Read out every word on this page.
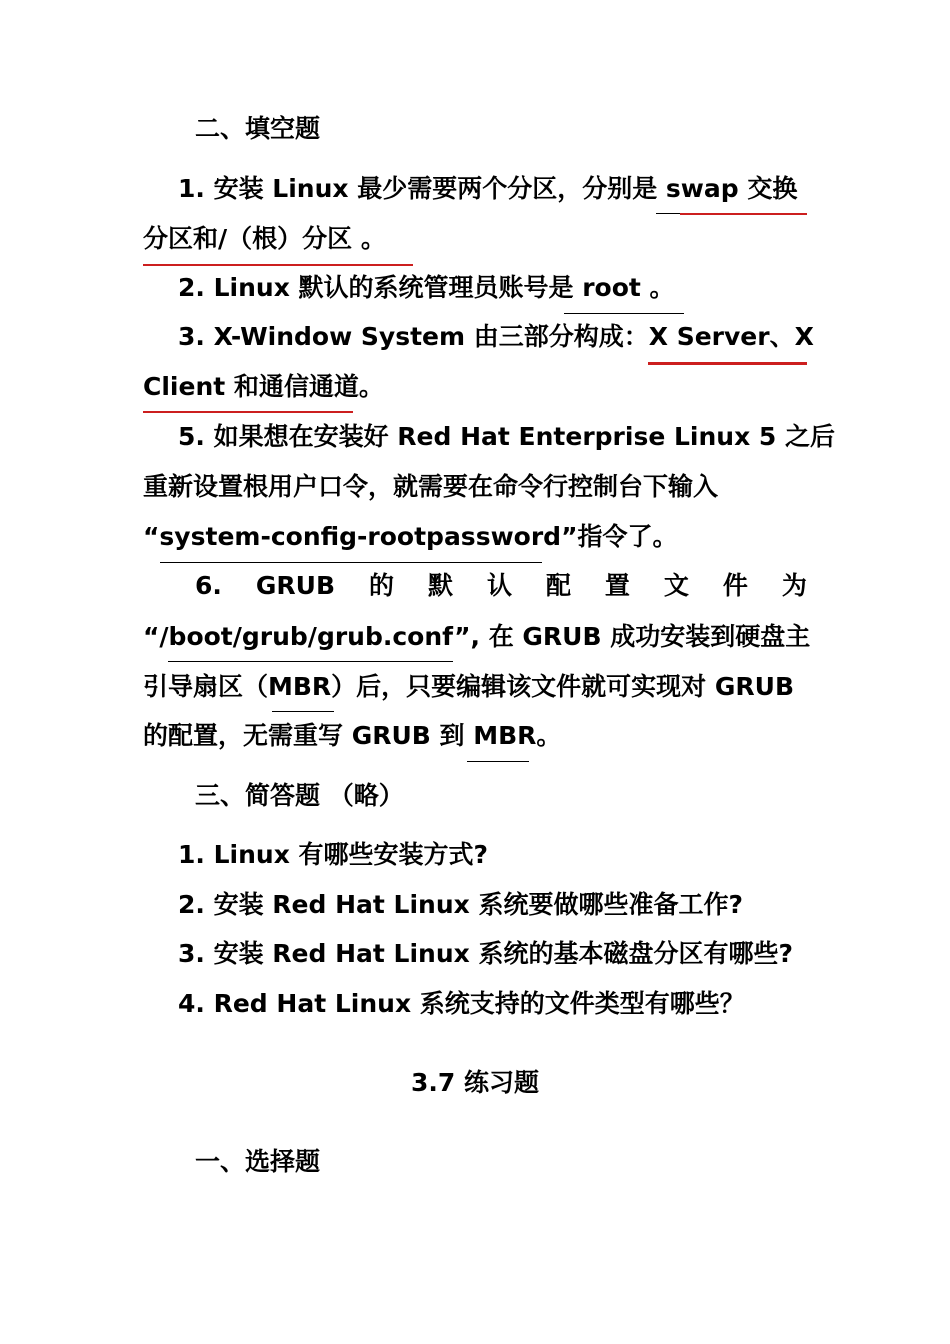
二、填空题
1. 安装 Linux 最少需要两个分区，分别是 swap 交换
分区和/（根）分区 。
2. Linux 默认的系统管理员账号是 root 。
3. X-Window System 由三部分构成：X Server、X
Client 和通信通道。
5. 如果想在安装好 Red Hat Enterprise Linux 5 之后
重新设置根用户口令，就需要在命令行控制台下输入
“system-config-rootpassword”指令了。
6. GRUB 的 默 认 配 置 文 件 为
“/boot/grub/grub.conf”, 在 GRUB 成功安装到硬盘主
引导扇区（MBR）后，只要编辑该文件就可实现对 GRUB
的配置，无需重写 GRUB 到 MBR。
三、简答题 （略）
1. Linux 有哪些安装方式?
2. 安装 Red Hat Linux 系统要做哪些准备工作?
3. 安装 Red Hat Linux 系统的基本磁盘分区有哪些?
4. Red Hat Linux 系统支持的文件类型有哪些？
3.7 练习题
一、选择题
